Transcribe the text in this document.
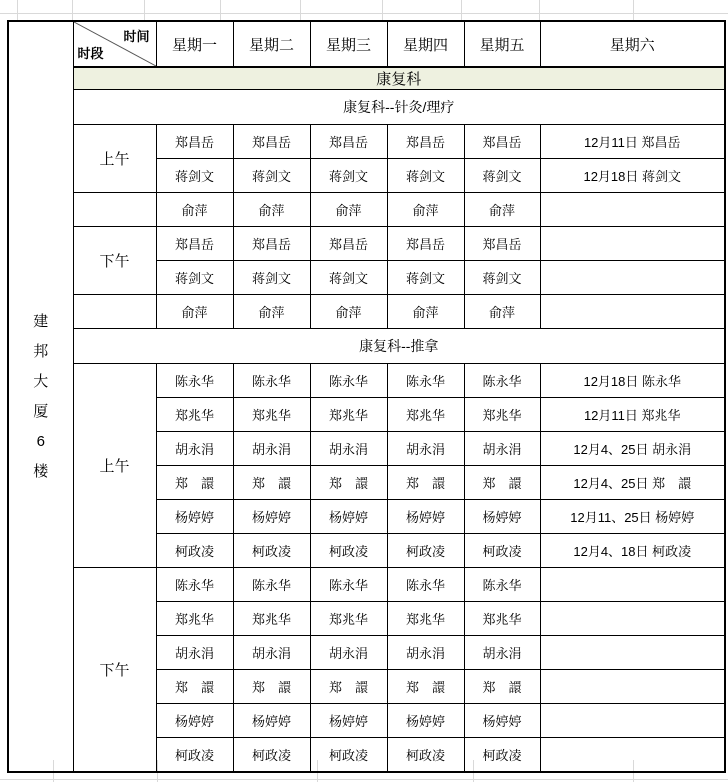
建
邦
大
厦
6
楼

时间
时段	星期一	星期二	星期三	星期四	星期五	星期六
	康复科						
	康复科--针灸/理疗						
	上午	郑昌岳	郑昌岳	郑昌岳	郑昌岳	郑昌岳	12月11日 郑昌岳
		蒋剑文	蒋剑文	蒋剑文	蒋剑文	蒋剑文	12月18日 蒋剑文
		俞萍	俞萍	俞萍	俞萍	俞萍	
	下午	郑昌岳	郑昌岳	郑昌岳	郑昌岳	郑昌岳	
		蒋剑文	蒋剑文	蒋剑文	蒋剑文	蒋剑文	
		俞萍	俞萍	俞萍	俞萍	俞萍	
	康复科--推拿						
	上午	陈永华	陈永华	陈永华	陈永华	陈永华	12月18日 陈永华
		郑兆华	郑兆华	郑兆华	郑兆华	郑兆华	12月11日 郑兆华
		胡永涓	胡永涓	胡永涓	胡永涓	胡永涓	12月4、25日 胡永涓
		郑　譞	郑　譞	郑　譞	郑　譞	郑　譞	12月4、25日 郑　譞
		杨婷婷	杨婷婷	杨婷婷	杨婷婷	杨婷婷	12月11、25日 杨婷婷
		柯政凌	柯政凌	柯政凌	柯政凌	柯政凌	12月4、18日 柯政凌
	下午	陈永华	陈永华	陈永华	陈永华	陈永华	
		郑兆华	郑兆华	郑兆华	郑兆华	郑兆华	
		胡永涓	胡永涓	胡永涓	胡永涓	胡永涓	
		郑　譞	郑　譞	郑　譞	郑　譞	郑　譞	
		杨婷婷	杨婷婷	杨婷婷	杨婷婷	杨婷婷	
		柯政凌	柯政凌	柯政凌	柯政凌	柯政凌	
